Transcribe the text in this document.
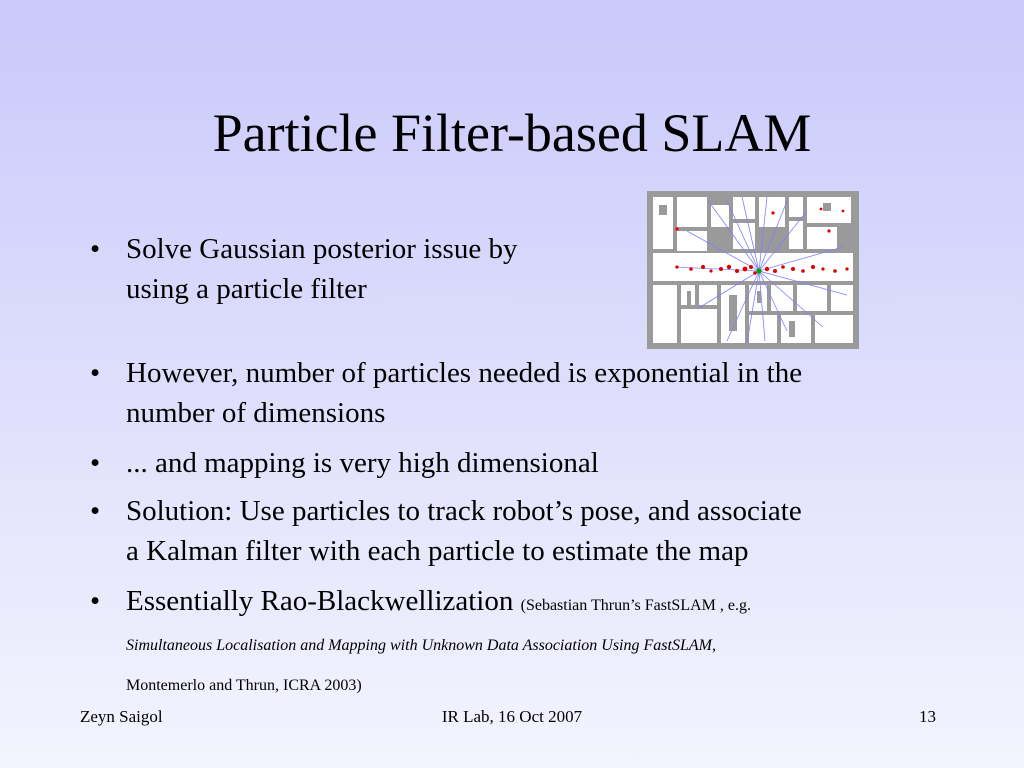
Particle Filter-based SLAM
• Solve Gaussian posterior issue by
using a particle filter
• However, number of particles needed is exponential in the
number of dimensions
• ... and mapping is very high dimensional
• Solution: Use particles to track robot’s pose, and associate
a Kalman filter with each particle to estimate the map
• Essentially Rao-Blackwellization (Sebastian Thrun’s FastSLAM , e.g.
Simultaneous Localisation and Mapping with Unknown Data Association Using FastSLAM,
Montemerlo and Thrun, ICRA 2003)
Zeyn Saigol	IR Lab, 16 Oct 2007	13
